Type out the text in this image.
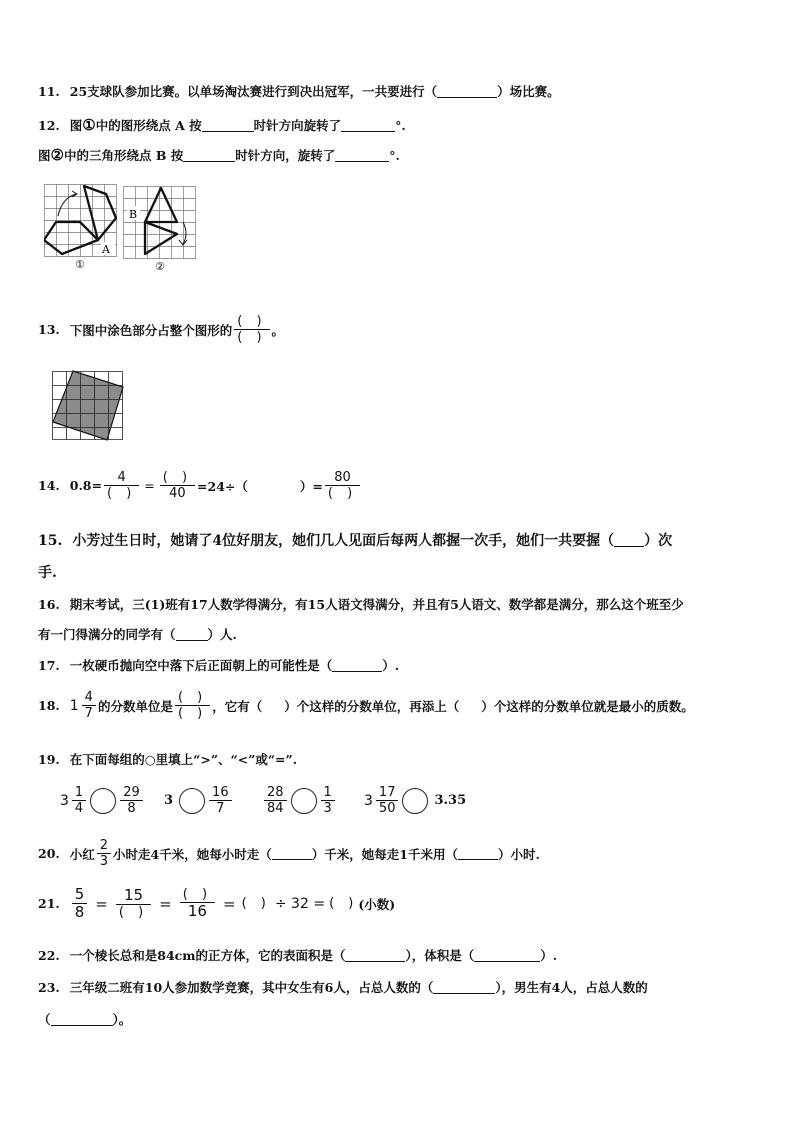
11. 25支球队参加比赛。以单场淘汰赛进行到决出冠军，一共要进行（	）场比赛。
12. 图①中的图形绕点 A 按	时针方向旋转了	°.
图②中的三角形绕点 B 按	时针方向，旋转了	°.
A
①
B
②
13. 下图中涂色部分占整个图形的 $\frac{( )}{( )}$ 。
14. $0.8= \frac{4}{( )} = \frac{( )}{40} =24\div$（	）= $\frac{80}{( )}$
15. 小芳过生日时，她请了4位好朋友，她们几人见面后每两人都握一次手，她们一共要握（ ）次
手.
16. 期末考试，三(1)班有17人数学得满分，有15人语文得满分，并且有5人语文、数学都是满分，那么这个班至少
有一门得满分的同学有（	）人.
17. 一枚硬币抛向空中落下后正面朝上的可能性是（	）.
18. $1 \frac{4}{7}$ 的分数单位是 $\frac{( )}{( )}$ ，它有（ ）个这样的分数单位，再添上（ ）个这样的分数单位就是最小的质数。
19. 在下面每组的○里填上“>”、“<”或“=”.
$3 \frac{1}{4}$	$\frac{29}{8} 3$	$\frac{16}{7} \frac{28}{84}$	$\frac{1}{3} 3 \frac{17}{50}$	3.35
20. 小红 $\frac{2}{3}$ 小时走4千米，她每小时走（	）千米，她每走1千米用（	）小时.
21. $\frac{5}{8} = \frac{15}{( )} = \frac{( )}{16}$ = ( ) ÷ 32 = ( ) (小数)
22. 一个棱长总和是84cm的正方体，它的表面积是（	），体积是（	）.
23. 三年级二班有10人参加数学竞赛，其中女生有6人，占总人数的（	），男生有4人，占总人数的
（	）。
